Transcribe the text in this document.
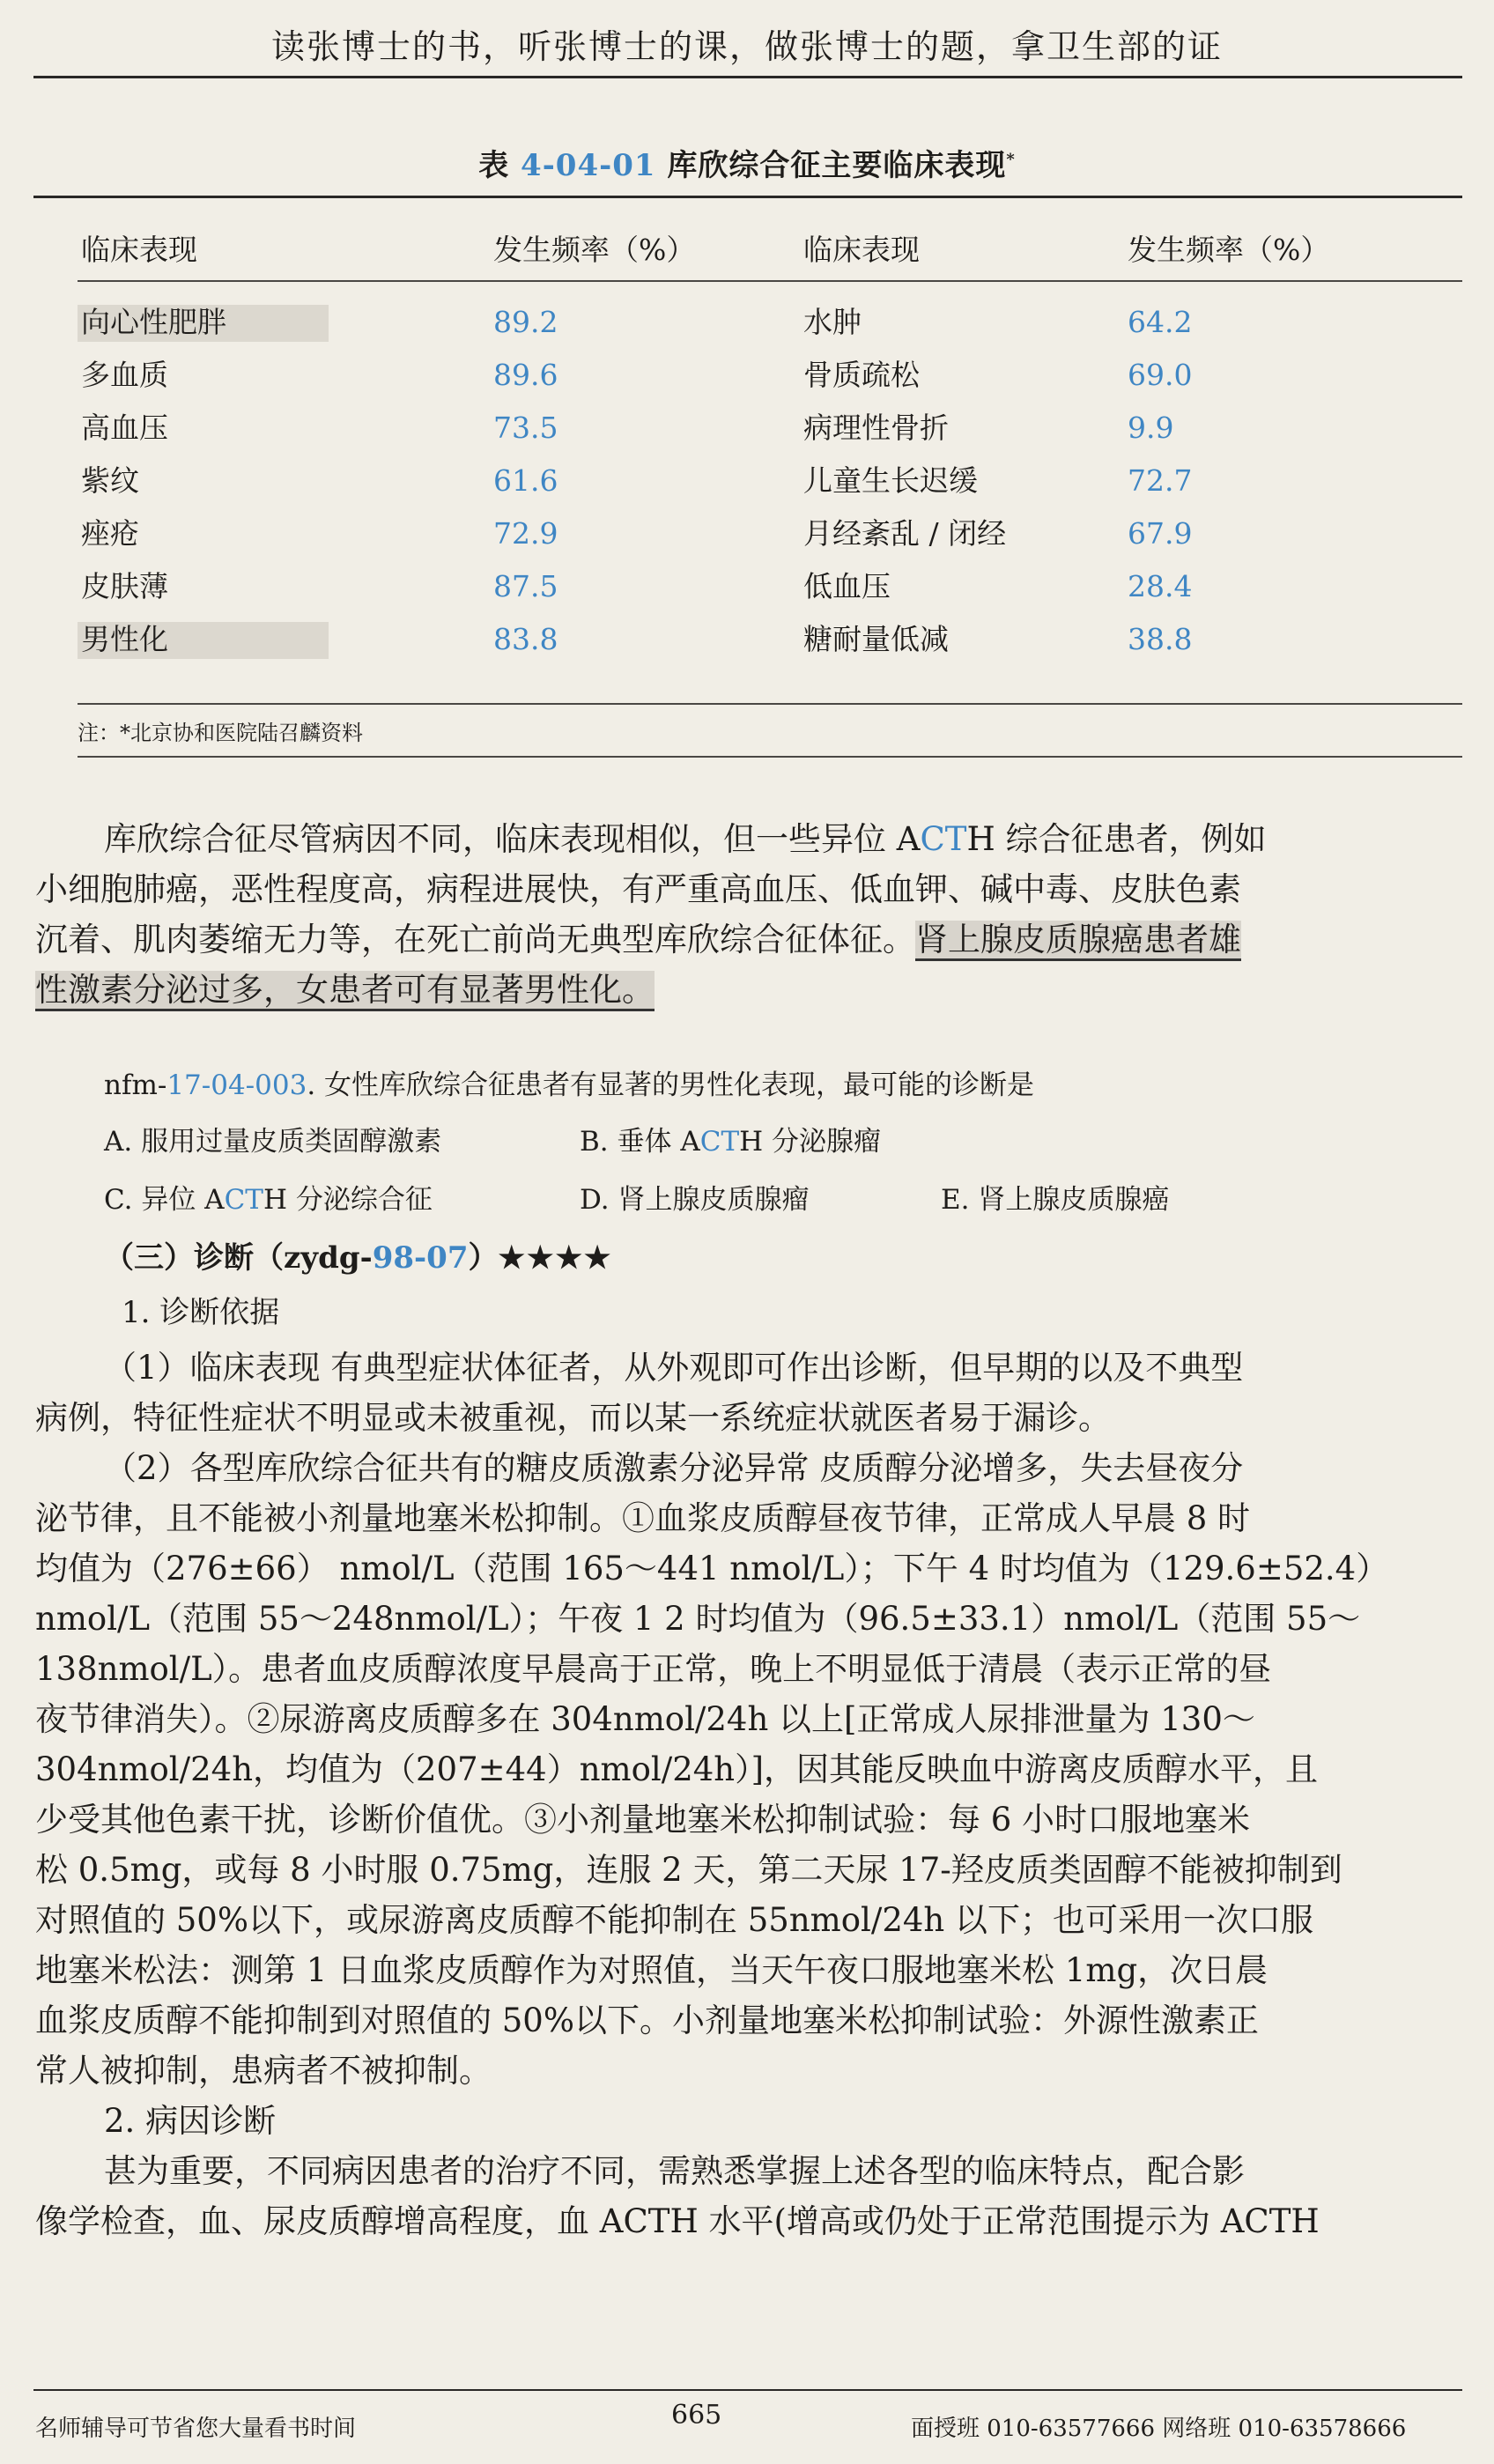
读张博士的书，听张博士的课，做张博士的题，拿卫生部的证
表 4-04-01 库欣综合征主要临床表现*
临床表现	发生频率（%）	临床表现	发生频率（%）
向心性肥胖	89.2	水肿	64.2
多血质	89.6	骨质疏松	69.0
高血压	73.5	病理性骨折	9.9
紫纹	61.6	儿童生长迟缓	72.7
痤疮	72.9	月经紊乱 / 闭经	67.9
皮肤薄	87.5	低血压	28.4
男性化	83.8	糖耐量低减	38.8
注：*北京协和医院陆召麟资料
库欣综合征尽管病因不同，临床表现相似，但一些异位 ACTH 综合征患者，例如
小细胞肺癌，恶性程度高，病程进展快，有严重高血压、低血钾、碱中毒、皮肤色素
沉着、肌肉萎缩无力等，在死亡前尚无典型库欣综合征体征。肾上腺皮质腺癌患者雄
性激素分泌过多，女患者可有显著男性化。
nfm-17-04-003. 女性库欣综合征患者有显著的男性化表现，最可能的诊断是
A. 服用过量皮质类固醇激素	B. 垂体 ACTH 分泌腺瘤
C. 异位 ACTH 分泌综合征	D. 肾上腺皮质腺瘤	E. 肾上腺皮质腺癌
（三）诊断（zydg-98-07）★★★★
1. 诊断依据
（1）临床表现 有典型症状体征者，从外观即可作出诊断，但早期的以及不典型
病例，特征性症状不明显或未被重视，而以某一系统症状就医者易于漏诊。
（2）各型库欣综合征共有的糖皮质激素分泌异常 皮质醇分泌增多，失去昼夜分
泌节律，且不能被小剂量地塞米松抑制。①血浆皮质醇昼夜节律，正常成人早晨 8 时
均值为（276±66） nmol/L（范围 165～441 nmol/L）；下午 4 时均值为（129.6±52.4）
nmol/L（范围 55～248nmol/L）；午夜 1 2 时均值为（96.5±33.1）nmol/L（范围 55～
138nmol/L）。患者血皮质醇浓度早晨高于正常，晚上不明显低于清晨（表示正常的昼
夜节律消失）。②尿游离皮质醇多在 304nmol/24h 以上[正常成人尿排泄量为 130～
304nmol/24h，均值为（207±44）nmol/24h）]，因其能反映血中游离皮质醇水平，且
少受其他色素干扰，诊断价值优。③小剂量地塞米松抑制试验：每 6 小时口服地塞米
松 0.5mg，或每 8 小时服 0.75mg，连服 2 天，第二天尿 17-羟皮质类固醇不能被抑制到
对照值的 50%以下，或尿游离皮质醇不能抑制在 55nmol/24h 以下；也可采用一次口服
地塞米松法：测第 1 日血浆皮质醇作为对照值，当天午夜口服地塞米松 1mg，次日晨
血浆皮质醇不能抑制到对照值的 50%以下。小剂量地塞米松抑制试验：外源性激素正
常人被抑制，患病者不被抑制。
2. 病因诊断
甚为重要，不同病因患者的治疗不同，需熟悉掌握上述各型的临床特点，配合影
像学检查，血、尿皮质醇增高程度，血 ACTH 水平(增高或仍处于正常范围提示为 ACTH
名师辅导可节省您大量看书时间	665	面授班 010-63577666 网络班 010-63578666
